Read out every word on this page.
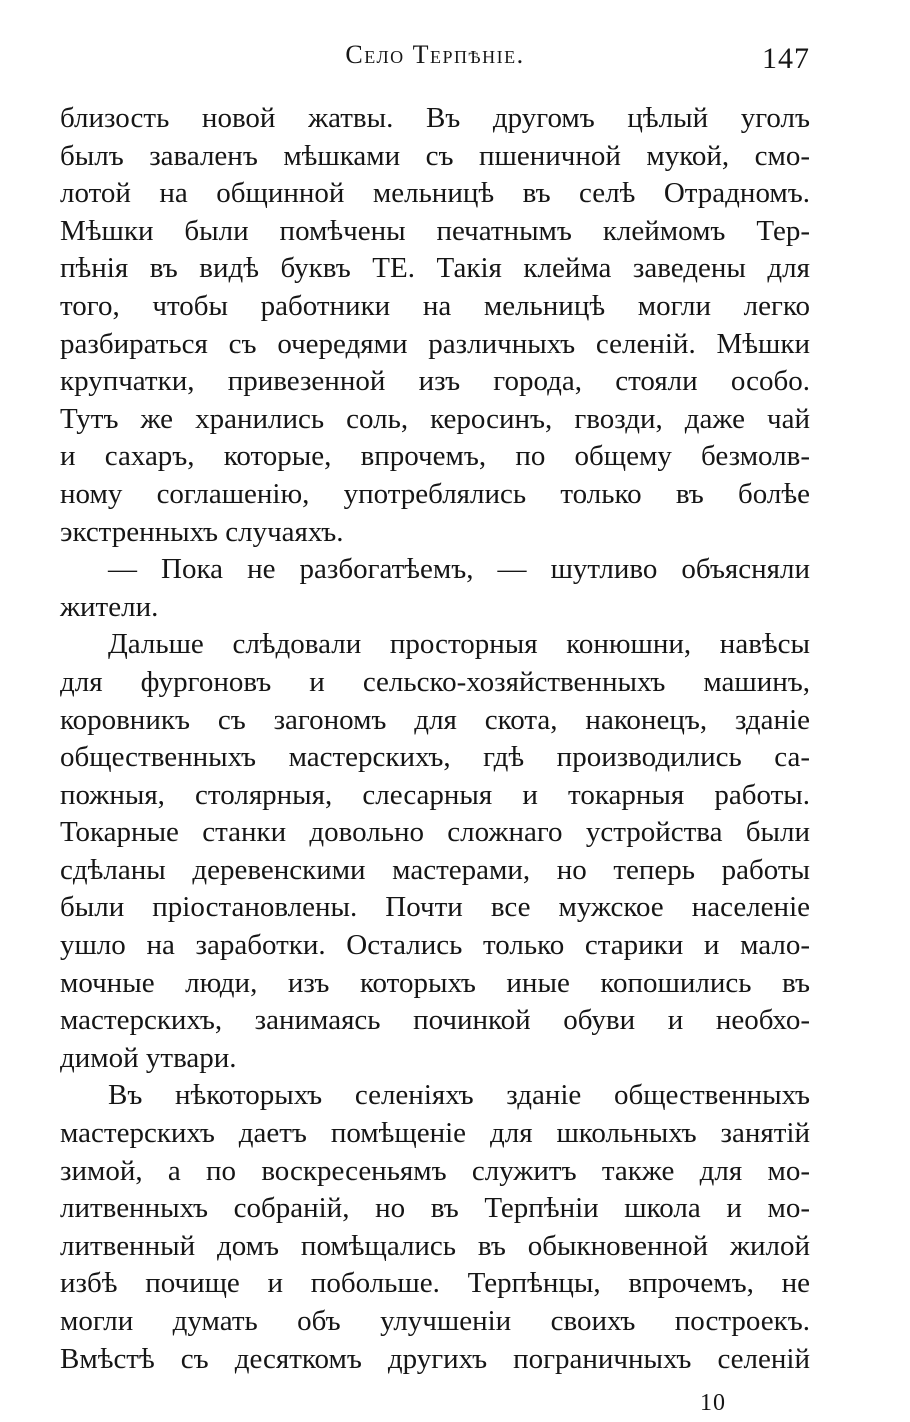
Село Терпѣніе.	147
близость новой жатвы. Въ другомъ цѣлый уголъ
былъ заваленъ мѣшками съ пшеничной мукой, смо-
лотой на общинной мельницѣ въ селѣ Отрадномъ.
Мѣшки были помѣчены печатнымъ клеймомъ Тер-
пѣнія въ видѣ буквъ ТЕ. Такія клейма заведены для
того, чтобы работники на мельницѣ могли легко
разбираться съ очередями различныхъ селеній. Мѣшки
крупчатки, привезенной изъ города, стояли особо.
Тутъ же хранились соль, керосинъ, гвозди, даже чай
и сахаръ, которые, впрочемъ, по общему безмолв-
ному соглашенію, употреблялись только въ болѣе
экстренныхъ случаяхъ.
— Пока не разбогатѣемъ, — шутливо объясняли
жители.
Дальше слѣдовали просторныя конюшни, навѣсы
для фургоновъ и сельско-хозяйственныхъ машинъ,
коровникъ съ загономъ для скота, наконецъ, зданіе
общественныхъ мастерскихъ, гдѣ производились са-
пожныя, столярныя, слесарныя и токарныя работы.
Токарные станки довольно сложнаго устройства были
сдѣланы деревенскими мастерами, но теперь работы
были пріостановлены. Почти все мужское населеніе
ушло на заработки. Остались только старики и мало-
мочные люди, изъ которыхъ иные копошились въ
мастерскихъ, занимаясь починкой обуви и необхо-
димой утвари.
Въ нѣкоторыхъ селеніяхъ зданіе общественныхъ
мастерскихъ даетъ помѣщеніе для школьныхъ занятій
зимой, а по воскресеньямъ служитъ также для мо-
литвенныхъ собраній, но въ Терпѣніи школа и мо-
литвенный домъ помѣщались въ обыкновенной жилой
избѣ почище и побольше. Терпѣнцы, впрочемъ, не
могли думать объ улучшеніи своихъ построекъ.
Вмѣстѣ съ десяткомъ другихъ пограничныхъ селеній
10
